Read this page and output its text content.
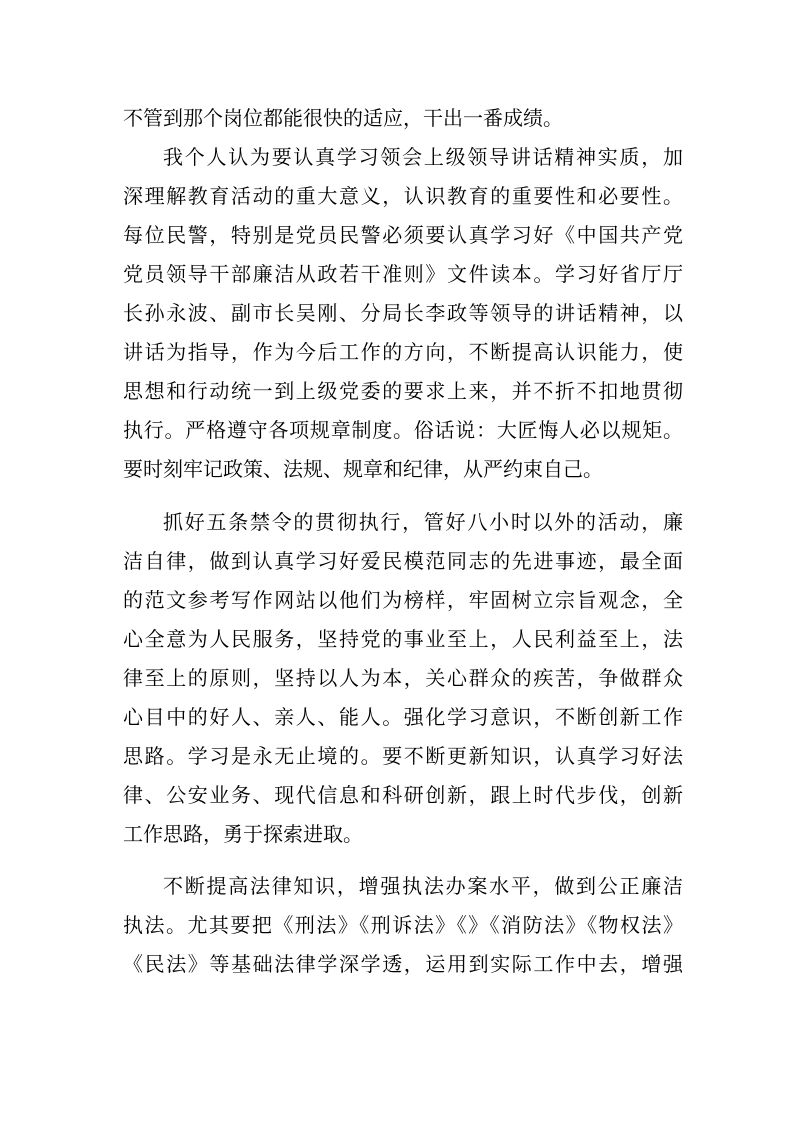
不管到那个岗位都能很快的适应，干出一番成绩。
我个人认为要认真学习领会上级领导讲话精神实质，加
深理解教育活动的重大意义，认识教育的重要性和必要性。
每位民警，特别是党员民警必须要认真学习好《中国共产党
党员领导干部廉洁从政若干准则》文件读本。学习好省厅厅
长孙永波、副市长吴刚、分局长李政等领导的讲话精神，以
讲话为指导，作为今后工作的方向，不断提高认识能力，使
思想和行动统一到上级党委的要求上来，并不折不扣地贯彻
执行。严格遵守各项规章制度。俗话说：大匠悔人必以规矩。
要时刻牢记政策、法规、规章和纪律，从严约束自己。
抓好五条禁令的贯彻执行，管好八小时以外的活动，廉
洁自律，做到认真学习好爱民模范同志的先进事迹，最全面
的范文参考写作网站以他们为榜样，牢固树立宗旨观念，全
心全意为人民服务，坚持党的事业至上，人民利益至上，法
律至上的原则，坚持以人为本，关心群众的疾苦，争做群众
心目中的好人、亲人、能人。强化学习意识，不断创新工作
思路。学习是永无止境的。要不断更新知识，认真学习好法
律、公安业务、现代信息和科研创新，跟上时代步伐，创新
工作思路，勇于探索进取。
不断提高法律知识，增强执法办案水平，做到公正廉洁
执法。尤其要把《刑法》《刑诉法》《》《消防法》《物权法》
《民法》等基础法律学深学透，运用到实际工作中去，增强
